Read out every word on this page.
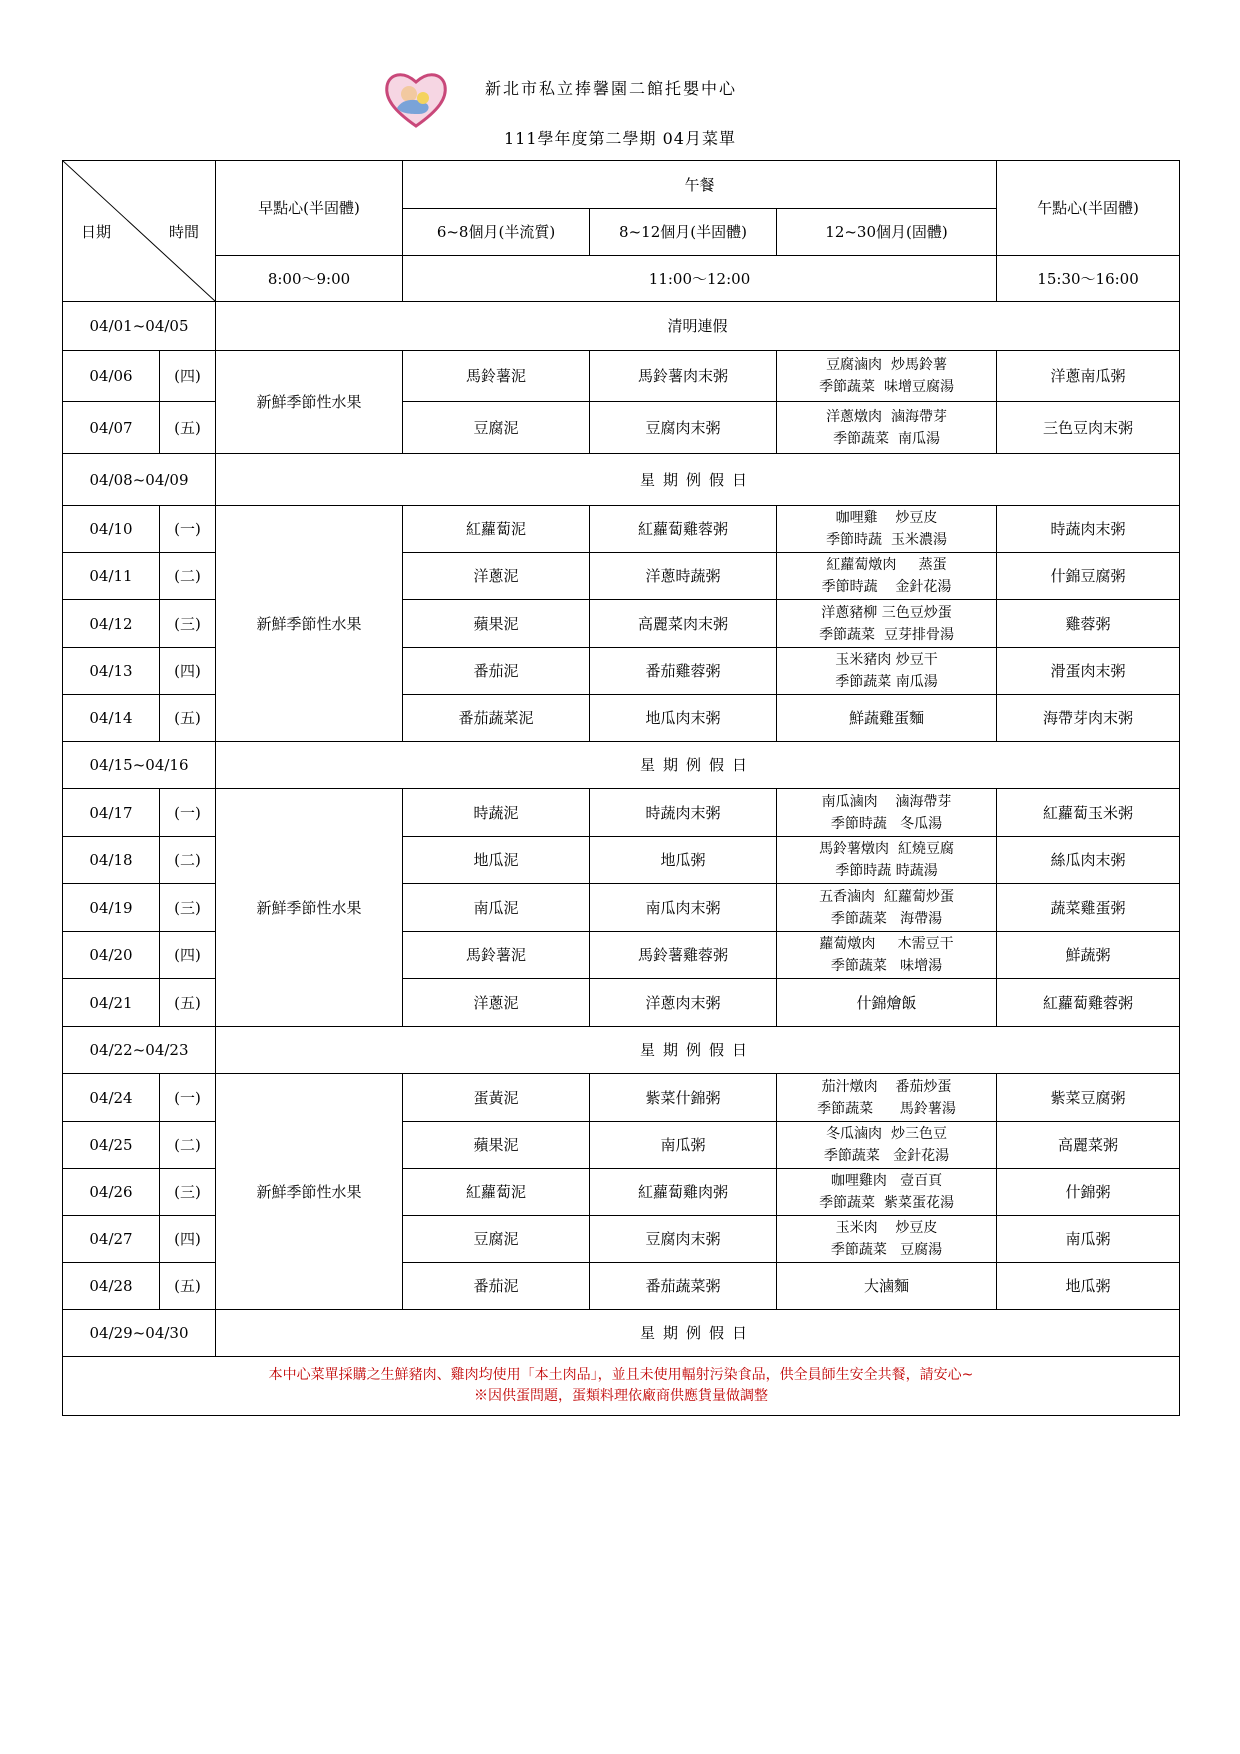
新北市私立捧馨園二館托嬰中心
111學年度第二學期 04月菜單
日期 時間		早點心(半固體)	午餐			午點心(半固體)
			6~8個月(半流質)	8~12個月(半固體)	12~30個月(固體)	
		8:00～9:00	11:00～12:00			15:30～16:00
04/01~04/05		清明連假				
04/06	(四)	新鮮季節性水果	馬鈴薯泥	馬鈴薯肉末粥	豆腐滷肉  炒馬鈴薯
季節蔬菜  味增豆腐湯	洋蔥南瓜粥
04/07	(五)		豆腐泥	豆腐肉末粥	洋蔥燉肉  滷海帶芽
季節蔬菜  南瓜湯	三色豆肉末粥
04/08~04/09		星期例假日				
04/10	(一)	新鮮季節性水果	紅蘿蔔泥	紅蘿蔔雞蓉粥	咖哩雞    炒豆皮
季節時蔬  玉米濃湯	時蔬肉末粥
04/11	(二)		洋蔥泥	洋蔥時蔬粥	紅蘿蔔燉肉     蒸蛋
季節時蔬    金針花湯	什錦豆腐粥
04/12	(三)		蘋果泥	高麗菜肉末粥	洋蔥豬柳 三色豆炒蛋
季節蔬菜  豆芽排骨湯	雞蓉粥
04/13	(四)		番茄泥	番茄雞蓉粥	玉米豬肉 炒豆干
季節蔬菜 南瓜湯	滑蛋肉末粥
04/14	(五)		番茄蔬菜泥	地瓜肉末粥	鮮蔬雞蛋麵	海帶芽肉末粥
04/15~04/16		星期例假日				
04/17	(一)	新鮮季節性水果	時蔬泥	時蔬肉末粥	南瓜滷肉    滷海帶芽
季節時蔬   冬瓜湯	紅蘿蔔玉米粥
04/18	(二)		地瓜泥	地瓜粥	馬鈴薯燉肉  紅燒豆腐
季節時蔬 時蔬湯	絲瓜肉末粥
04/19	(三)		南瓜泥	南瓜肉末粥	五香滷肉  紅蘿蔔炒蛋
季節蔬菜   海帶湯	蔬菜雞蛋粥
04/20	(四)		馬鈴薯泥	馬鈴薯雞蓉粥	蘿蔔燉肉     木需豆干
季節蔬菜   味增湯	鮮蔬粥
04/21	(五)		洋蔥泥	洋蔥肉末粥	什錦燴飯	紅蘿蔔雞蓉粥
04/22~04/23		星期例假日				
04/24	(一)	新鮮季節性水果	蛋黃泥	紫菜什錦粥	茄汁燉肉    番茄炒蛋
季節蔬菜      馬鈴薯湯	紫菜豆腐粥
04/25	(二)		蘋果泥	南瓜粥	冬瓜滷肉  炒三色豆
季節蔬菜   金針花湯	高麗菜粥
04/26	(三)		紅蘿蔔泥	紅蘿蔔雞肉粥	咖哩雞肉   壹百頁
季節蔬菜  紫菜蛋花湯	什錦粥
04/27	(四)		豆腐泥	豆腐肉末粥	玉米肉    炒豆皮
季節蔬菜   豆腐湯	南瓜粥
04/28	(五)		番茄泥	番茄蔬菜粥	大滷麵	地瓜粥
04/29~04/30		星期例假日				

本中心菜單採購之生鮮豬肉、雞肉均使用「本土肉品」，並且未使用輻射污染食品，供全員師生安全共餐，請安心~
※因供蛋問題，蛋類料理依廠商供應貨量做調整						
